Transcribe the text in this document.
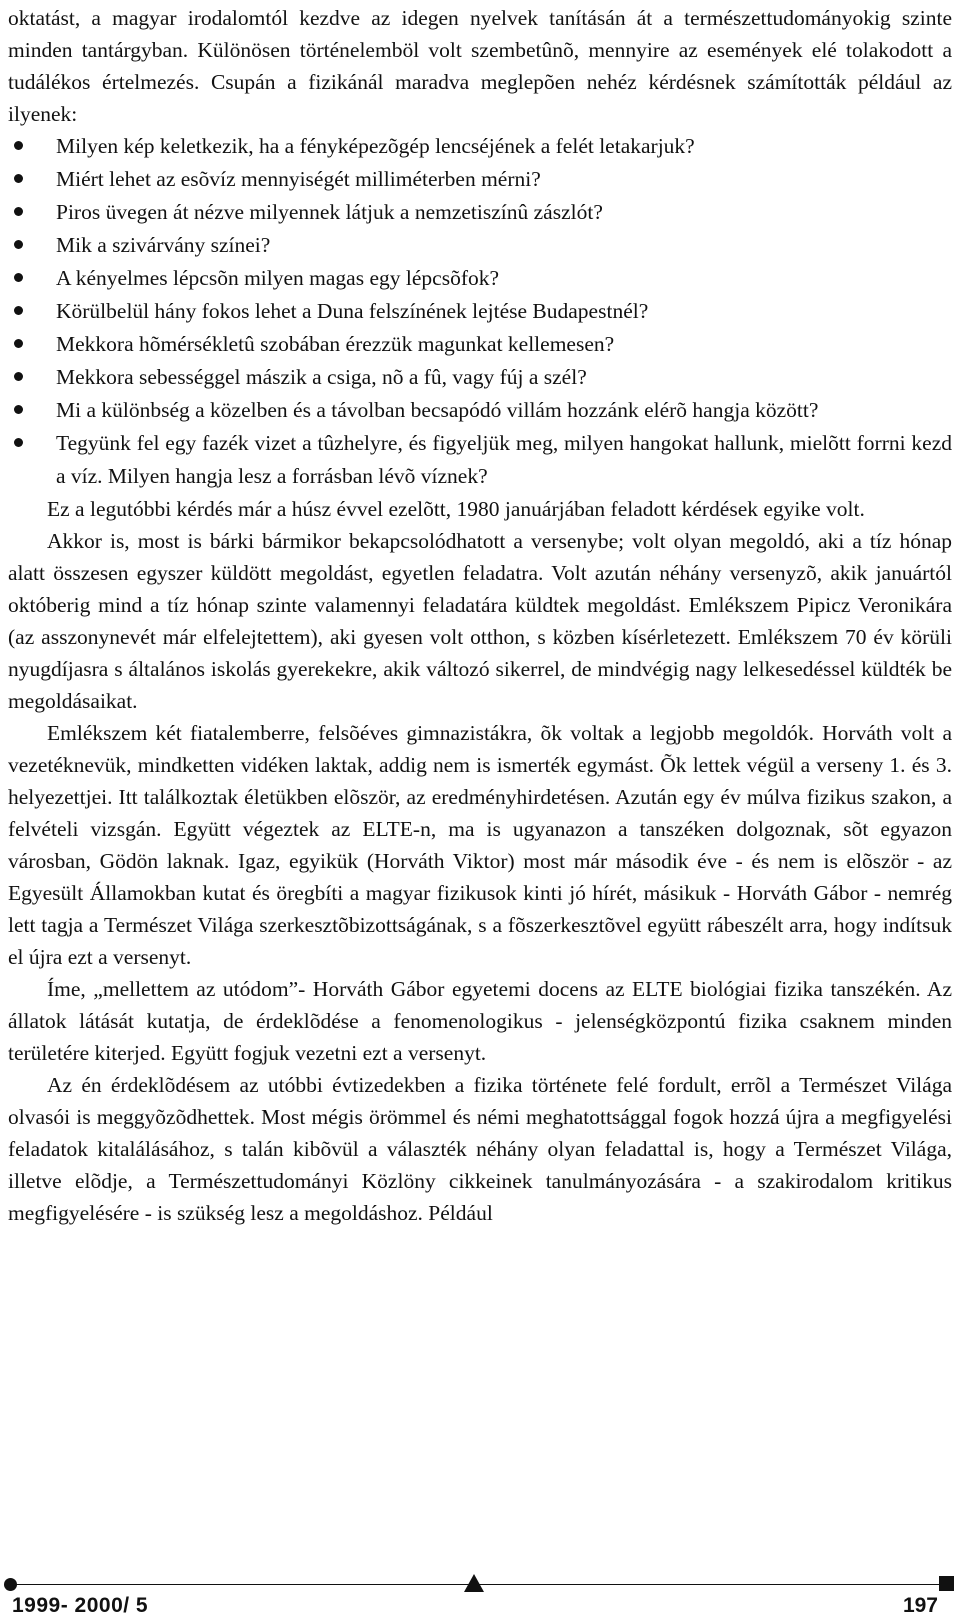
oktatást, a magyar irodalomtól kezdve az idegen nyelvek tanításán át a természettudományokig szinte minden tantárgyban. Különösen történelemböl volt szembetûnõ, mennyire az események elé tolakodott a tudálékos értelmezés. Csupán a fizikánál maradva meglepõen nehéz kérdésnek számították például az ilyenek:

Milyen kép keletkezik, ha a fényképezõgép lencséjének a felét letakarjuk?
Miért lehet az esõvíz mennyiségét milliméterben mérni?
Piros üvegen át nézve milyennek látjuk a nemzetiszínû zászlót?
Mik a szivárvány színei?
A kényelmes lépcsõn milyen magas egy lépcsõfok?
Körülbelül hány fokos lehet a Duna felszínének lejtése Budapestnél?
Mekkora hõmérsékletû szobában érezzük magunkat kellemesen?
Mekkora sebességgel mászik a csiga, nõ a fû, vagy fúj a szél?
Mi a különbség a közelben és a távolban becsapódó villám hozzánk elérõ hangja között?
Tegyünk fel egy fazék vizet a tûzhelyre, és figyeljük meg, milyen hangokat hallunk, mielõtt forrni kezd a víz. Milyen hangja lesz a forrásban lévõ víznek?

Ez a legutóbbi kérdés már a húsz évvel ezelõtt, 1980 januárjában feladott kérdések egyike volt.

Akkor is, most is bárki bármikor bekapcsolódhatott a versenybe; volt olyan megoldó, aki a tíz hónap alatt összesen egyszer küldött megoldást, egyetlen feladatra. Volt azután néhány versenyzõ, akik januártól októberig mind a tíz hónap szinte valamennyi feladatára küldtek megoldást. Emlékszem Pipicz Veronikára (az asszonynevét már elfelejtettem), aki gyesen volt otthon, s közben kísérletezett. Emlékszem 70 év körüli nyugdíjasra s általános iskolás gyerekekre, akik változó sikerrel, de mindvégig nagy lelkesedéssel küldték be megoldásaikat.

Emlékszem két fiatalemberre, felsõéves gimnazistákra, õk voltak a legjobb megoldók. Horváth volt a vezetéknevük, mindketten vidéken laktak, addig nem is ismerték egymást. Õk lettek végül a verseny 1. és 3. helyezettjei. Itt találkoztak életükben elõször, az eredményhirdetésen. Azután egy év múlva fizikus szakon, a felvételi vizsgán. Együtt végeztek az ELTE-n, ma is ugyanazon a tanszéken dolgoznak, sõt egyazon városban, Gödön laknak. Igaz, egyikük (Horváth Viktor) most már második éve - és nem is elõször - az Egyesült Államokban kutat és öregbíti a magyar fizikusok kinti jó hírét, másikuk - Horváth Gábor - nemrég lett tagja a Természet Világa szerkesztõbizottságának, s a fõszerkesztõvel együtt rábeszélt arra, hogy indítsuk el újra ezt a versenyt.

Íme, „mellettem az utódom”- Horváth Gábor egyetemi docens az ELTE biológiai fizika tanszékén. Az állatok látását kutatja, de érdeklõdése a fenomenologikus - jelenségközpontú fizika csaknem minden területére kiterjed. Együtt fogjuk vezetni ezt a versenyt.

Az én érdeklõdésem az utóbbi évtizedekben a fizika története felé fordult, errõl a Természet Világa olvasói is meggyõzõdhettek. Most mégis örömmel és némi meghatottsággal fogok hozzá újra a megfigyelési feladatok kitalálásához, s talán kibõvül a választék néhány olyan feladattal is, hogy a Természet Világa, illetve elõdje, a Természettudományi Közlöny cikkeinek tanulmányozására - a szakirodalom kritikus megfigyelésére - is szükség lesz a megoldáshoz. Például

1999- 2000/ 5	197
